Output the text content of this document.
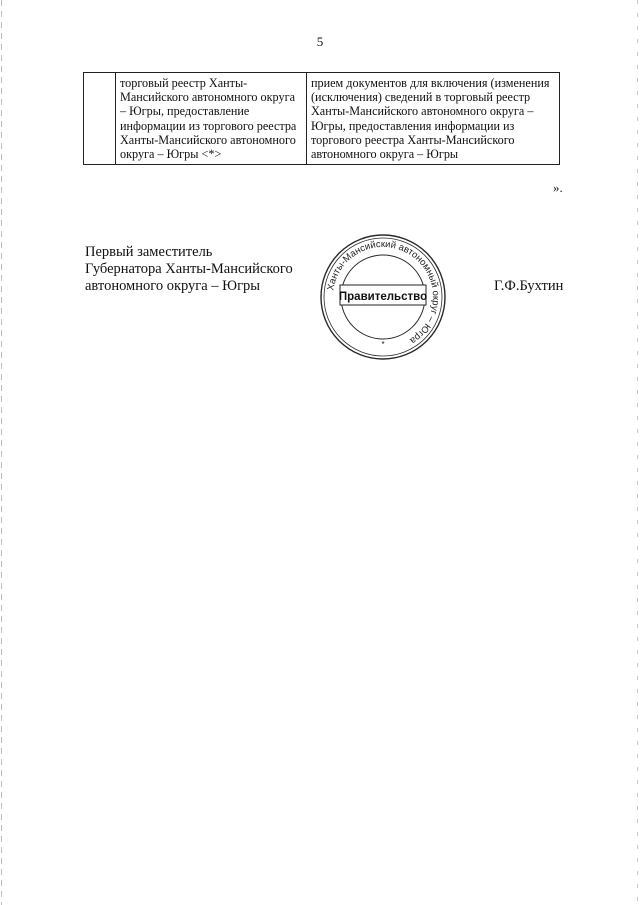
5
	торговый реестр Ханты-Мансийского автономного округа – Югры, предоставление информации из торгового реестра Ханты-Мансийского автономного округа – Югры <*>	прием документов для включения (изменения (исключения) сведений в торговый реестр Ханты-Мансийского автономного округа – Югры, предоставления информации из торгового реестра Ханты-Мансийского автономного округа – Югры
».
Первый заместитель
Губернатора Ханты-Мансийского
автономного округа – Югры	Ханты-Мансийский автономный округ – Югра
Правительство
*
Г.Ф.Бухтин
